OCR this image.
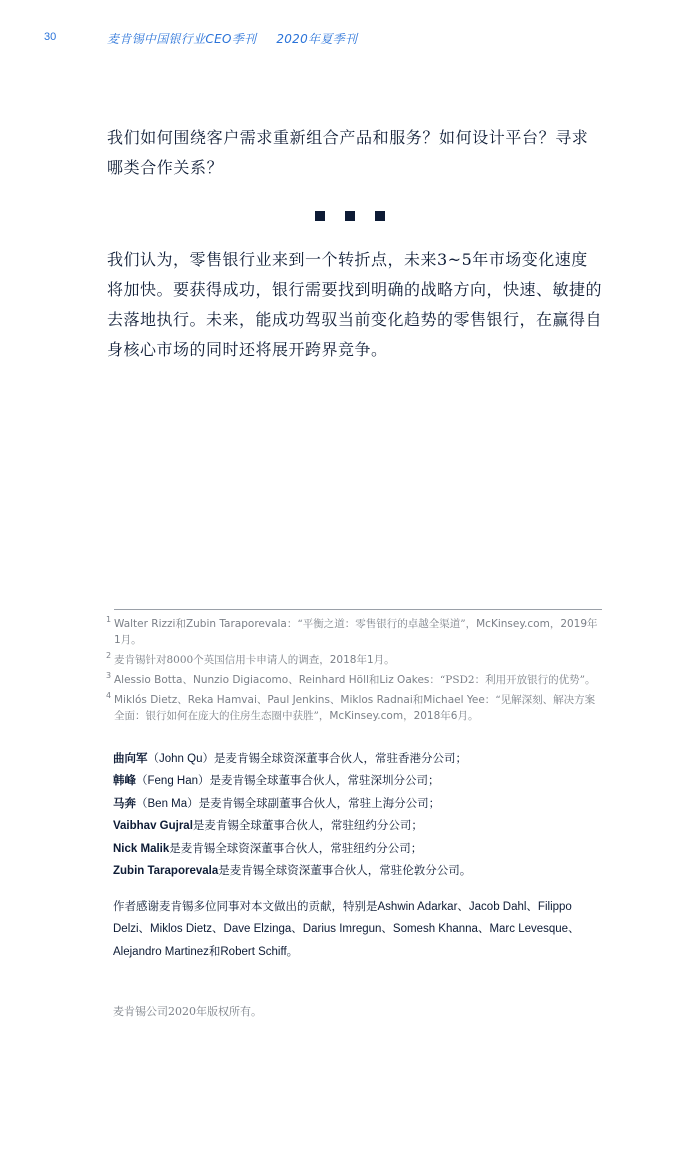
30	麦肯锡中国银行业CEO季刊 2020年夏季刊
我们如何围绕客户需求重新组合产品和服务？如何设计平台？寻求哪类合作关系？
我们认为，零售银行业来到一个转折点，未来3~5年市场变化速度将加快。要获得成功，银行需要找到明确的战略方向，快速、敏捷的去落地执行。未来，能成功驾驭当前变化趋势的零售银行，在赢得自身核心市场的同时还将展开跨界竞争。
1 Walter Rizzi和Zubin Taraporevala：“平衡之道：零售银行的卓越全渠道”，McKinsey.com，2019年1月。
2 麦肯锡针对8000个英国信用卡申请人的调查，2018年1月。
3 Alessio Botta、Nunzio Digiacomo、Reinhard Höll和Liz Oakes：“PSD2：利用开放银行的优势”。
4 Miklós Dietz、Reka Hamvai、Paul Jenkins、Miklos Radnai和Michael Yee：“见解深刻、解决方案全面：银行如何在庞大的住房生态圈中获胜”，McKinsey.com，2018年6月。
曲向军（John Qu）是麦肯锡全球资深董事合伙人，常驻香港分公司；
韩峰（Feng Han）是麦肯锡全球董事合伙人，常驻深圳分公司；
马奔（Ben Ma）是麦肯锡全球副董事合伙人，常驻上海分公司；
Vaibhav Gujral是麦肯锡全球董事合伙人，常驻纽约分公司；
Nick Malik是麦肯锡全球资深董事合伙人，常驻纽约分公司；
Zubin Taraporevala是麦肯锡全球资深董事合伙人，常驻伦敦分公司。
作者感谢麦肯锡多位同事对本文做出的贡献，特别是Ashwin Adarkar、Jacob Dahl、Filippo Delzi、Miklos Dietz、Dave Elzinga、Darius Imregun、Somesh Khanna、Marc Levesque、Alejandro Martinez和Robert Schiff。
麦肯锡公司2020年版权所有。
